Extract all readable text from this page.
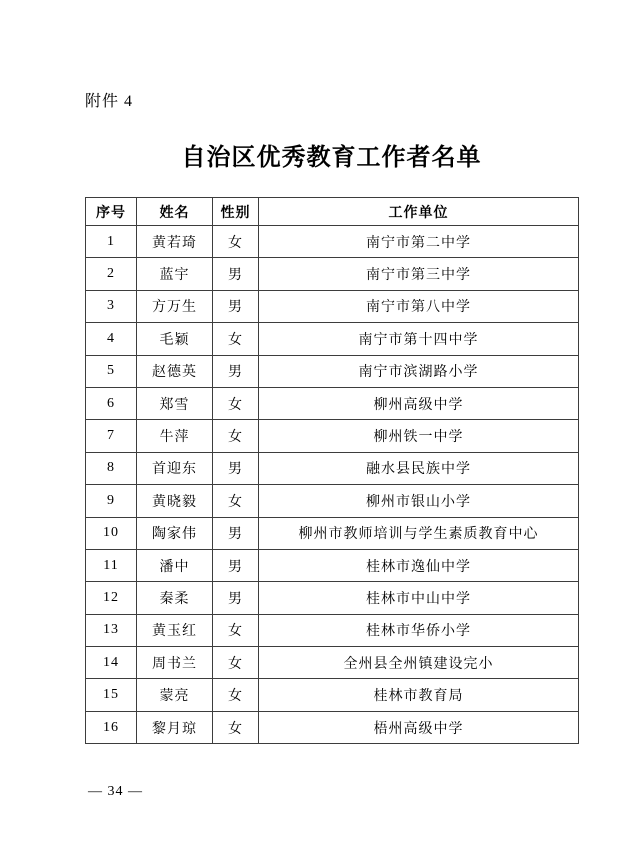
附件 4
自治区优秀教育工作者名单
序号	姓名	性别	工作单位
1	黄若琦	女	南宁市第二中学
2	蓝宇	男	南宁市第三中学
3	方万生	男	南宁市第八中学
4	毛颖	女	南宁市第十四中学
5	赵德英	男	南宁市滨湖路小学
6	郑雪	女	柳州高级中学
7	牛萍	女	柳州铁一中学
8	首迎东	男	融水县民族中学
9	黄晓毅	女	柳州市银山小学
10	陶家伟	男	柳州市教师培训与学生素质教育中心
11	潘中	男	桂林市逸仙中学
12	秦柔	男	桂林市中山中学
13	黄玉红	女	桂林市华侨小学
14	周书兰	女	全州县全州镇建设完小
15	蒙亮	女	桂林市教育局
16	黎月琼	女	梧州高级中学
— 34 —
